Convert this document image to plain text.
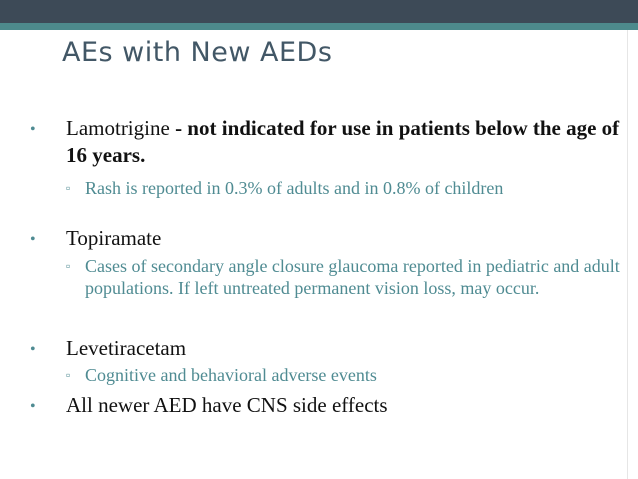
AEs with New AEDs
• Lamotrigine - not indicated for use in patients below the age of 16 years.
▫ Rash is reported in 0.3% of adults and in 0.8% of children
• Topiramate
▫ Cases of secondary angle closure glaucoma reported in pediatric and adult populations. If left untreated permanent vision loss, may occur.
• Levetiracetam
▫ Cognitive and behavioral adverse events
• All newer AED have CNS side effects
